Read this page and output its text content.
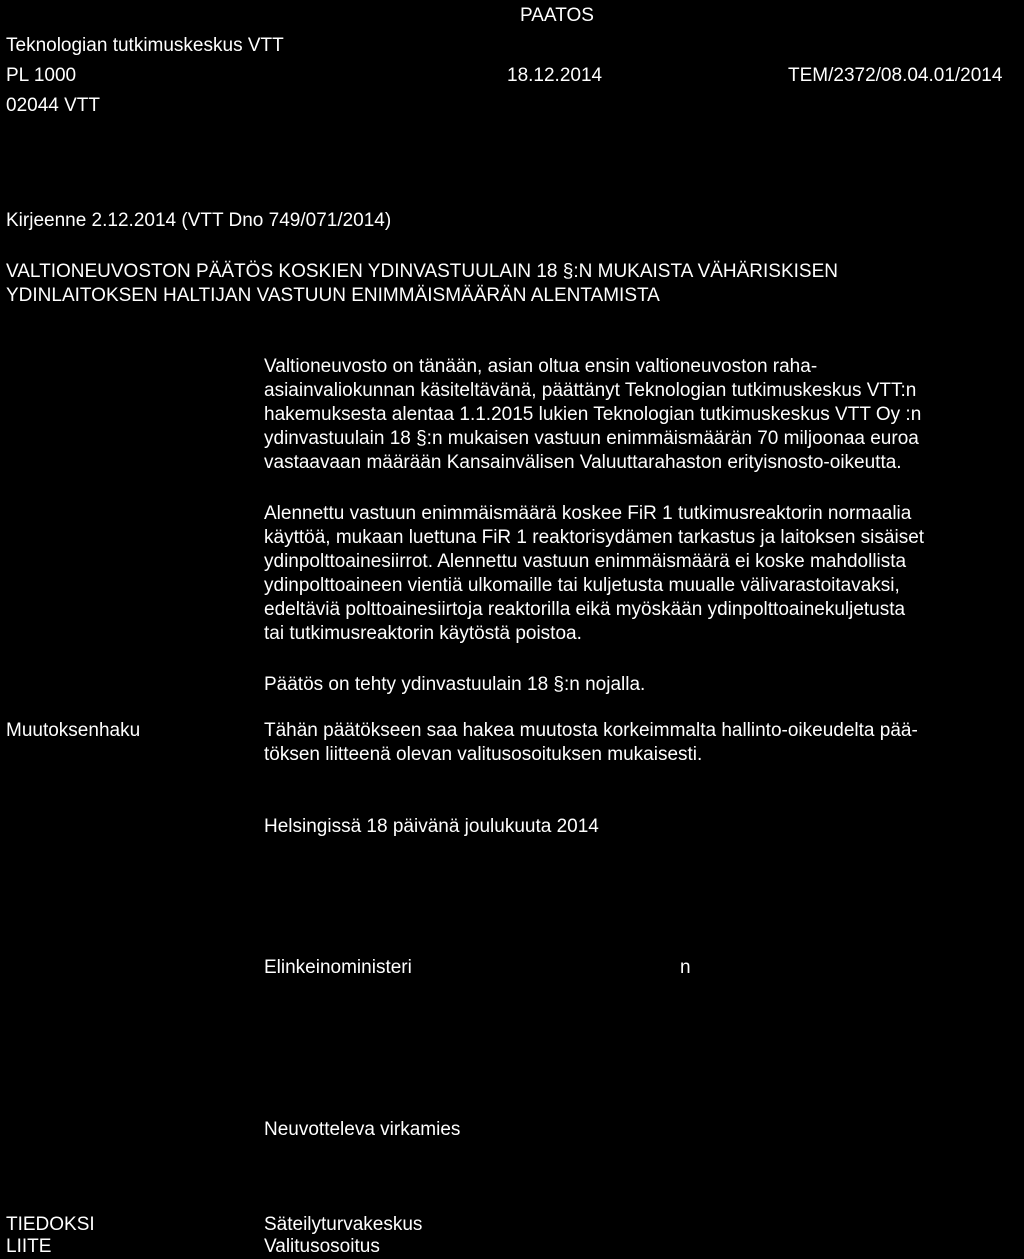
PAATOS
Teknologian tutkimuskeskus VTT
PL 1000
02044 VTT
18.12.2014	TEM/2372/08.04.01/2014
Kirjeenne 2.12.2014 (VTT Dno 749/071/2014)
VALTIONEUVOSTON PÄÄTÖS KOSKIEN YDINVASTUULAIN 18 §:N MUKAISTA VÄHÄRISKISEN
YDINLAITOKSEN HALTIJAN VASTUUN ENIMMÄISMÄÄRÄN ALENTAMISTA
Valtioneuvosto on tänään, asian oltua ensin valtioneuvoston raha-
asiainvaliokunnan käsiteltävänä, päättänyt Teknologian tutkimuskeskus VTT:n
hakemuksesta alentaa 1.1.2015 lukien Teknologian tutkimuskeskus VTT Oy :n
ydinvastuulain 18 §:n mukaisen vastuun enimmäismäärän 70 miljoonaa euroa
vastaavaan määrään Kansainvälisen Valuuttarahaston erityisnosto-oikeutta.
Alennettu vastuun enimmäismäärä koskee FiR 1 tutkimusreaktorin normaalia
käyttöä, mukaan luettuna FiR 1 reaktorisydämen tarkastus ja laitoksen sisäiset
ydinpolttoainesiirrot. Alennettu vastuun enimmäismäärä ei koske mahdollista
ydinpolttoaineen vientiä ulkomaille tai kuljetusta muualle välivarastoitavaksi,
edeltäviä polttoainesiirtoja reaktorilla eikä myöskään ydinpolttoainekuljetusta
tai tutkimusreaktorin käytöstä poistoa.
Päätös on tehty ydinvastuulain 18 §:n nojalla.
Muutoksenhaku	Tähän päätökseen saa hakea muutosta korkeimmalta hallinto-oikeudelta pää-
töksen liitteenä olevan valitusosoituksen mukaisesti.
Helsingissä 18 päivänä joulukuuta 2014
Elinkeinoministeri	n
Neuvotteleva virkamies
TIEDOKSI	Säteilyturvakeskus
LIITE	Valitusosoitus
